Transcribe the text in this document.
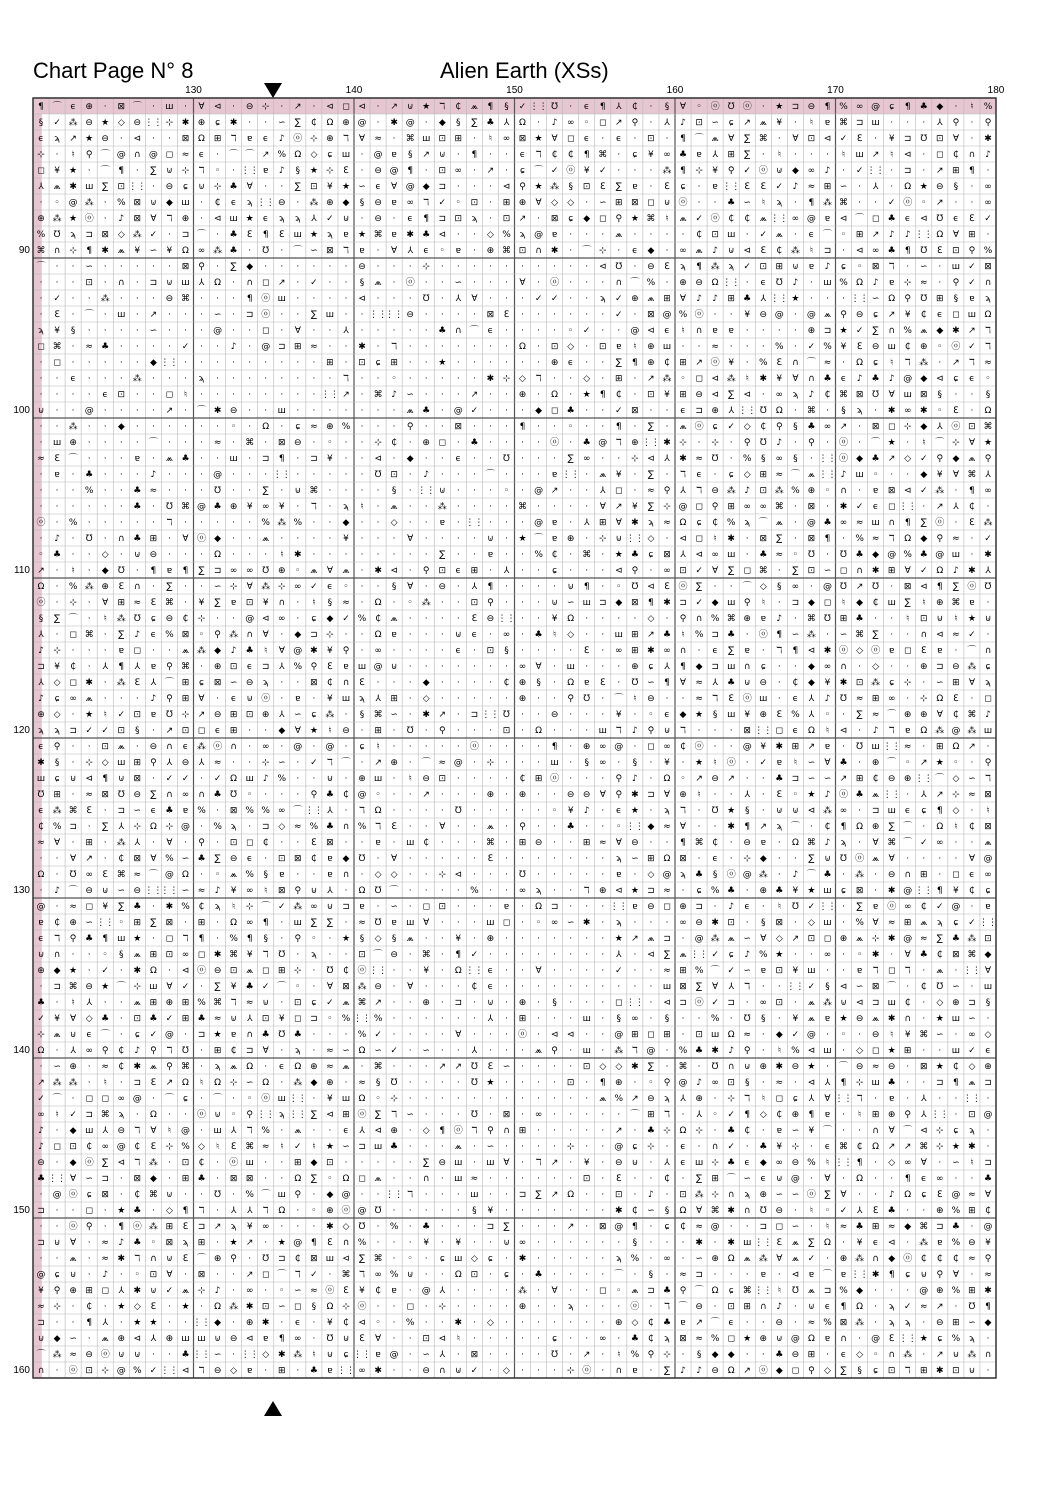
Chart Page N° 8	Alien Earth (XSs)
130	140	150	160	170	180
90
100
110
120
130
140
150
160
¶ ⌒ ϵ ⊕ · ⊠ ⌒ · ш · ∀ ⊲ · ⊖ ⊹ · ↗ · ⊲ ◻ ⊲ · ↗ ⊍ ★ ℸ ₵ ⩕ ¶ § ✓ ⋮⋮ ℧ · ϵ ¶ ⅄ ₵ · § ∀ ◦ ⓞ ℧ ⓞ · ★ ⊐ ⊖ ¶ % ∞ @ ɕ ¶ ♣ ◆ · ♮ %
§ ✓ ⁂ ⊖ ★ ◇ ⊖ ⋮⋮ ⊹ ✱ ⊕ ɕ ✱ · · ∽ ∑ ₵ Ω ⊕ @ · ✱ @ · ◆ § ∑ ♣ ⅄ Ω · ♪ ∞ ◦ ◻ ↗ ⚲ · ⅄ ♪ ⊡ ∽ ɕ ↗ ⩕ ¥ · ♮ ɐ ⌘ ⊐ ш · · · ⅄ ⚲ · ⚲
ϵ ϡ ↗ ★ ⊖ · ⊲ · · ⊠ Ω ⊞ ℸ ɐ ϵ ♪ ⓞ ⊹ ⊕ ℸ ∀ ≈ · ⌘ ш ⊡ ⊞ · ♮ ∞ ⊠ ★ ∀ ◻ ϵ · ϵ · ⊡ · ¶ ⌒ ⩕ ∀ ∑ ⌘ · ∀ ⊡ ⊲ ✓ ℇ · ¥ ⊐ ℧ ⊡ ∀ · ✱
⊹ · ♮ ⚲ ⌒ @ ∩ @ ◻ ≈ ϵ · ⌒ ⌒ ↗ % Ω ◇ ɕ ш · @ ɐ § ↗ ⊍ · ¶ · · ϵ ℸ ₵ ₵ ¶ ⌘ · ɕ ¥ ∞ ♣ ɐ ⅄ ⊞ ∑ · ♮ · · · ♮ ш ↗ ♮ ⊲ · ◻ ₵ ∩ ♪
◻ ¥ ★ · ⌒ ¶ · ∑ ⊍ ⊹ ℸ ◦ · ⋮⋮ ɐ ♪ § ★ ⊹ ℇ · ⊖ @ ¶ · ⊡ ∞ · ↗ · ɕ ⌒ ✓ ⓞ ¥ ✓ · · · ⁂ ¶ ⊹ ¥ ⚲ ✓ ⓞ ⊍ ◆ ∞ ♪ · ✓ ⋮⋮ · ⊐ · ↗ ⊞ ¶ ·
⅄ ⩕ ✱ ш ∑ ⊡ ⋮⋮ · ⊖ ɕ ⊍ ⊹ ♣ ∀ · · ∑ ⊡ ¥ ★ ∽ ϵ ∀ @ ◆ ⊐ · · · ⊲ ⚲ ★ ⁂ § ⊡ ℇ ∑ ɐ · ℇ ɕ · ɐ ⋮⋮ ℇ ℇ ✓ ♪ ≈ ⊞ ∽ · ⅄ · Ω ★ ⊖ § · ∞
· ◦ @ ⁂ · % ⊠ ⊍ ◆ ш · ₵ ϵ ϡ ⋮⋮ ⊖ · ⁂ ⊕ ◆ § ⊖ ɐ ∞ ℸ ✓ ◦ ⊡ · ⊞ ⊕ ∀ ◇ ◇ · ∽ ⊞ ⊠ ◻ ⊍ ⓞ · · ♣ ∽ ♮ ϡ · ¶ ⁂ ⌘ · · ✓ ⓞ ◦ ↗ · · ∞
⊕ ⁂ ★ ⓞ · ♪ ⊠ ∀ ℸ ⊕ · ⊲ ш ★ ϵ ϡ ϡ ⅄ ✓ ⊍ · ⊖ · ϵ ¶ ⊐ ⊡ ϡ · ⊡ ↗ · ⊠ ɕ ◆ ◻ ⚲ ★ ⌘ ♮ ⩕ ✓ ⓞ ₵ ₵ ⩕ ⋮⋮ ∞ @ ɐ ⊲ ⌒ ◻ ♣ ϵ ⊲ ℧ ϵ ℇ ✓
% ℧ ϡ ⊐ ⊠ ◇ ⁂ ✓ · ⊐ ⌒ · ♣ ℇ ¶ ℇ ш ★ ϡ ɐ ★ ⌘ ɐ ✱ ♣ ⊲ · · ◇ % ϡ @ ɐ · · · ⩕ · · · · ₵ ⊡ ш · ✓ ⩕ · ϵ ⌒ ◦ ⊞ ↗ ♪ ♪ ⋮⋮ Ω ∀ ⊞ ·
⌘ ∩ ⊹ ¶ ✱ ⩕ ¥ ∽ ¥ Ω ∞ ⁂ ♣ · ℧ · ⌒ ∽ ⊠ ℸ ɐ · ∀ ⅄ ϵ ◦ ɐ · ⊕ ⌘ ⊡ ∩ ✱ · ⌒ ⊹ · ϵ ◆ · ∞ ⩕ ♪ ⊍ ⊲ ℇ ₵ ⁂ ♮ ⊐ · ⊲ ∞ ♣ ¶ ℧ ℇ ⊡ ⚲ %
⌒ · · ∽ · · · · · ⊠ ⚲ · ∑ ◆ · · · · · · ⊖ · · · ⊹ · · · · · · · · · · ⊲ ℧ · ⊖ ℇ ϡ ¶ ⁂ ϡ ✓ ⊡ ⊞ ⊍ ɐ ♪ ɕ ◦ ⊠ ℸ · ∽ · ш ✓ ⊠
· · · ⊡ · ∩ · ⊐ ⊍ ш ⅄ Ω · ∩ ◻ ↗ · ✓ · · § ⩕ · ⓞ · · ∽ · · · ∀ · ⓞ · · · ∩ ⌒ % · ⊕ ⊖ Ω ⋮⋮ · ϵ ℧ ♪ · ш % Ω ♪ ɐ ⊹ ≈ · ⚲ ✓ ∩
· ✓ · · ⁂ · · · ⊖ ⌘ · · · ¶ ⓞ ш · · · · ⊲ · · · ℧ · ⅄ ∀ · · · ✓ ✓ · · ϡ ✓ ⊕ ⩕ ⊞ ∀ ♪ ♪ ⊞ ♣ ⅄ ⋮⋮ ★ · · · ⋮⋮ ∽ Ω ⚲ ℧ ⊞ § ɐ ϡ
· ℇ · ⌒ · ш · ↗ · · · ∽ · ⊐ ⓞ · · ∑ ш · · ⋮⋮
⋮⋮ ⊖ · · · · ⊠ ℇ · · · · · · ✓ · ⊠ @ % ⓞ · · ¥ ⊖ @ · @ ⩕ ⚲ ⊖ ɕ ↗ ¥ ₵ ϵ ◻ ш Ω
ϡ ¥ § · · · · ∽ · · · @ · · ◻ · ∀ · · ⅄ · · · · · ♣ ∩ ⌒ ϵ · · · · ◦ ✓ · · @ ⊲ ϵ ♮ ∩ ɐ ɐ · · · · ⊕ ⊐ ★ ✓ ∑ ∩ % ⩕ ◆ ✱ ↗ ℸ
◻ ⌘ · ≈ ♣ · · · · ✓ · · ♪ · @ ⊐ ⊞ ≈ · · ✱ · ℸ · · · · · · · Ω · ⊡ ◇ · ⊡ ɐ ♮ ⊕ ш · · ≈ · · · % · ✓ % ¥ ℇ ⊖ ш ₵ ⊕ ◦ ⓞ ✓ ℸ
· ◻ · · · · · ◆ ⋮⋮ · · · · · · · · · ⊞ · ⊡ ɕ ⊞ · · ★ · · · · · · ⊕ ϵ · · ∑ ¶ ⊕ ₵ ⊞ ↗ ⓞ ¥ · % ℇ ∩ ⌒ ≈ · Ω ɕ ♮ ℸ ⁂ · ↗ ℸ ≈
· · ϵ · · · ⁂ · · · ϡ · · · · · · · · ℸ · · ◦ · · · · · ✱ ⊹ ◇ ℸ · · ◇ · ⊞ · ↗ ⁂ ◦ ◻ ⊲ ⁂ ♮ ✱ ¥ ∀ ∩ ♣ ϵ ♪ ♣ ♪ @ ◆ ⊲ ɕ ϵ ◦
· · · · ϵ ⊡ · · ◻ ♮ · · · · · · · · ⋮⋮ ↗ · ⌘ ♪ ∽ · · · ↗ · · ⊕ · Ω · ★ ¶ ₵ · ⊡ ¥ ⊞ ⊖ ⊲ ∑ ⊲ · ∞ ϡ ♪ ₵ ⌘ ⊠ ℧ ∀ ш ⊠ § · · §
⊍ · · @ · · · · ↗ · ⌒ ✱ ⊖ · · ш · · · · · · · ⩕ ♣ · @ ✓ · · · ◆ ◻ ♣ · · ✓ ⊠ · · ϵ ⊐ ⊕ ⅄ ⋮⋮ ℧ Ω · ⌘ · § ϡ · ✱ ∞ ✱ ◦ ℇ · Ω
· · ⁂ · · ◆ · · · · · · ◦ · Ω · ɕ ≈ ⊕ % · · · ⚲ · · ⊠ · · · ¶ · · ◦ · · ¶ · ∑ · ⩕ ⓞ ɕ ✓ ◇ ₵ ⚲ § ♣ ∞ ↗ · ⊠ ◻ ⊹ ◆ ⅄ ⓞ ⊡ ⌘
· ш ⊕ · · · · ⌒ · · · ≈ · ⌘ · ⊠ ⊖ · ◦ · · ⊹ ₵ · ⊕ ◻ · ♣ · · · · ⓞ · ♣ @ ℸ ⊕ ⋮⋮ ✱ ⊹ · ⊹ · ⚲ ℧ ♪ · ⚲ · ⓞ · ⌒ ★ · ♮ ⌒ ⊹ ∀ ★
≈ ℇ ⌒ · · · ɐ · ⩕ ♣ · · ш · ⊐ ¶ · ⊐ ¥ · · ⊲ · ◆ · · ϵ · · ℧ · · · ∑ ∞ · · ⊹ ⊲ ⅄ ✱ ≈ ℧ · % § ∞ § · ⋮⋮ ⓞ ◆ ♣ ↗ ◇ ✓ ⚲ ◆ ⩕ ⚲
· ɐ · ♣ · · · ♪ · · · @ · · · ⋮⋮ · · · · · ℧ ⊡ · ♪ · · · ⌒ · · · ɐ ⋮⋮ · ⩕ ¥ · ∑ · ℸ ϵ · ɕ ◇ ⊞ ≈ ⌒ ⩕ ⋮⋮ ♪ ш ◦ · · ◆ ¥ ∀ ⌘ ⅄
· · · % · · ♣ ≈ · · · ℧ · · ∑ · ⊍ ⌘ · · · · § · ⋮⋮ ⊍ · · · ◦ · @ ↗ · · ⅄ ◻ · ≈ ⚲ ⅄ ℸ ⊖ ⁂ ♪ ⊡ ⁂ % ⊕ ◦ ∩ · ɐ ⊠ ⊲ ✓ ⁂ · ¶ ∞
· · · · · · ♣ · ℧ ⌘ @ ♣ ⊕ ¥ ∞ ¥ · ℸ · ϡ ♮ · ⩕ · · ⁂ · · · · ⌘ · · · · ∀ ↗ ¥ ∑ ⊹ @ ◻ ⚲ ⊞ ∞ ∞ ⌘ · ⊠ · ✱ ✓ ϵ ◻ ⋮⋮ · ↗ ⅄ ₵ ·
ⓞ · % · · · · · ℸ · · · · · % ⁂ % · · ◆ · · ◇ · · ɐ · ⋮⋮ · · · @ ɐ · ⅄ ⊞ ∀ ✱ ϡ ≈ Ω ɕ ₵ % ϡ ⌒ ⩕ · @ ♣ ∞ ≈ ш ∩ ¶ ∑ ⓞ · ℇ ⁂
· ♪ · ℧ · ∩ ♣ ⊞ · ∀ ⓞ ◆ · · ⩕ · · · · ¥ · · · ∀ · · · · ⊍ · ★ ⌒ ɐ ⊕ · ⊹ ⊍ ⋮⋮ ◇ · ⊲ ◻ ♮ ✱ · ⊠ ∑ · ⊠ ¶ · % ≈ ℸ Ω ◆ ⚲ ≈ · ✓
◦ ♣ · · ◇ · ⊍ ⊖ · · · Ω · · · ♮ ✱ · · · · · · · · ∑ · · ɐ · · % ₵ · ⌘ · ★ ♣ ɕ ⊠ ⅄ ⊲ ∞ ш · ♣ ≈ ◦ ℧ · ℧ ♣ ◆ @ % ♣ @ ш · ✱
↗ · ♮ · ◆ ℧ · ¶ ɐ ¶ ∑ ⊐ ∞ ∞ ℧ ⊕ ◦ ⩕ ∀ ⩕ · ✱ ⊲ · ⚲ ⊡ ϵ ⊞ · ⅄ · · ɕ · · · ⊲ ⚲ · ∞ ⊡ ✓ ∀ ∑ ◻ ⌘ · ∑ ⊡ ∽ ◻ ∩ ✱ ⊞ ∀ ✓ Ω ♪ ✱ ⅄
Ω · % ⁂ ⊕ ℇ ∩ · ∑ · · ∽ ⊹ ∀ ⁂ ⊹ ∞ ✓ ϵ ◦ · · § ∀ · ⊖ · ⅄ ¶ · · · · ⊍ ¶ · ◦ ℧ ⊲ ℇ ⓞ ∑ · · ⌒ ◇ § ∞ · @ ℧ ↗ ℧ · ⊠ ⊲ ¶ ∑ ⓞ ℧
ⓞ · ⊹ · ∀ ⊞ ≈ ℇ ⌘ · ¥ ∑ ɐ ⊡ ¥ ∩ · ♮ § ≈ · Ω · ◦ ⁂ · · ⊡ ⚲ · · · ⊍ ∽ ш ⊐ ◆ ⊠ ¶ ✱ ⊐ ✓ ◆ ш ⚲ ♮ · ⊐ ◆ ◻ ♮ ◆ ₵ ш ∑ ♮ ⊕ ⌘ ɐ ·
§ ∑ ⌒ · ♮ ⁂ ℧ ɕ ⊖ ₵ ⊹ · · @ ⊲ ∞ · ɕ ◆ ✓ % ₵ ⩕ · · · · ℇ ⊖ ⋮⋮ · · ¥ Ω · · · · ◇ · ⚲ ∩ % ⌘ ⊕ ɐ ♪ · ⌘ ℧ ⊞ ♣ · · ♮ ⊡ ⊍ ♮ ★ ⊍
⅄ · ◻ ⌘ · ∑ ♪ ϵ % ⊠ ◦ ⚲ ⁂ ∩ ∀ · ◆ ⊐ ⊹ · · Ω ɐ · · · ⊍ ϵ · ∞ · ♣ ♮ ◇ · · ш ⊞ ↗ ♣ ♮ % ⊐ ♣ · ⓞ ¶ ∽ ⁂ · ∽ ⌘ ∑ · · ∩ ⊲ ≈ ✓ ·
♪ ⊹ · · · ɐ ◻ · · ⩕ ⁂ ◆ ♪ ♣ ♮ ∀ @ ✱ ¥ ⚲ · ∞ · · · · ϵ · ⊡ § · · · · ℇ · ∞ ⊞ ✱ ∞ ∩ · ϵ ∑ ɐ · ℸ ¶ ⊲ ✱ ⓞ ◇ ⓞ ɐ ◻ ℇ ɐ · ⌒ ∩
⊐ ¥ ₵ · ⅄ ¶ ⅄ ɐ ⚲ ⌘ · ⊕ ⊡ ϵ ⊐ ⅄ % ⚲ ℇ ɐ ш @ ⊍ · · · · · · · ∞ ∀ · ш · · · ⊕ ɕ ⅄ ¶ ◆ ⊐ ш ∩ ɕ · · ◆ ∞ ∩ · ◇ · · ⊕ ⊐ ⊖ ⁂ ɕ
⅄ ◇ ◻ ✱ · ⁂ ℇ ⅄ ⌒ ⊞ ɕ ⊠ ∽ ⊖ ϡ · · ⊠ ₵ ∩ ℇ · · · ◆ · · · · ₵ ⊕ § · Ω ɐ ℇ · ℧ ∽ ¶ ∀ ≈ ⅄ ♣ ⊍ ⊖ · ₵ ◆ ¥ ✱ ⊡ ⁂ ɕ ⊹ · ∽ ⊞ ∀ ϡ
♪ ɕ ∞ ⩕ · · · ♪ ⚲ ⊞ ∀ · ϵ ⊍ ⓞ · ɐ · ¥ ш ϡ ⅄ ⊞ · ◇ · · · · · ⊕ · · ⚲ ℧ · ⌒ ♮ ⊖ · · ≈ ℸ ℇ ⓞ ш · ϵ ⅄ ♪ ℧ ≈ ⊞ ∞ · ⊹ Ω ℇ · ◻
⊕ ◇ · ★ ♮ ✓ ⊡ ɐ ℧ ⊹ ↗ ⊖ ⊞ ⊡ ⊕ ⅄ ∽ ɕ ⁂ · § ⌘ ∽ · ✱ ↗ · ⊐ ⋮⋮ ℧ · · ⊖ · · · ¥ · ◦ ϵ ◆ ★ § ш ¥ ⊕ ℇ % ⅄ ◦ · ∑ ≈ ⌒ ⊕ ⊕ ∀ ₵ ⌘ ♪
ϡ ϡ ⊐ ✓ ✓ ⊡ § · ↗ ⊡ ◻ ϵ ⊞ · · ◆ ∀ ★ ♮ ⊖ · ⊞ · ℧ · ⚲ · · · ⊡ · Ω · · · ш ℸ ♪ ⚲ ⊍ ℸ · · · ⊠ ⋮⋮ ◻ ϵ Ω ♮ ⊲ · ♪ ℸ ɐ Ω ⁂ @ ⁂ ш
ϵ ⚲ · · ⊡ ⩕ · ⊖ ∩ ϵ ⁂ ⓞ ∩ · ∞ · @ · @ · ɕ ♮ · · · · · ⓞ · · · · ¶ · ⊕ ∞ @ · ◻ ∞ ₵ ⓞ · · @ ¥ ✱ ⊞ ↗ ɐ · ℧ ш ⋮⋮ ≈ · ⊞ Ω ↗ ·
✱ § · ⊹ ◇ ш ⊞ ⚲ ⅄ ⊖ ⅄ ≈ · · ⊹ ∽ · ✓ ℸ ⌒ · ↗ ⊕ · ⌒ ≈ @ · ⊹ · · · ш · § ∞ · § · ¥ · ★ ♮ ⓞ · ✓ ɐ ♮ ∽ ∀ ♣ · ⊕ ⌒ ◦ ↗ ★ ◦ · ⚲
ш ɕ ⊍ ⊲ ¶ ⊍ ⊠ · ✓ ✓ · ✓ Ω ш ♪ % · · ⊍ · ⊕ ш · ♮ ⊖ ⊡ · · · · ₵ ⊞ ⓞ · · · ⚲ ♪ · Ω ◦ ↗ ⊖ ↗ · · ♣ ⊐ ∽ ∽ ↗ ⊞ ₵ ⊖ ⊕ ⋮⋮ ⌒ ◇ ∽ ℸ
℧ ⊞ · ≈ ⊠ ℧ ⊖ ∑ ∩ ∞ ∩ ♣ ℧ ◦ · · · ⚲ ♣ ₵ @ ◦ · · ↗ · · · ⊕ · ⊕ · · ⊖ ⊖ ∀ ⚲ ✱ ⊐ ∀ ⊕ ♮ · · ⅄ · ℇ ◦ ★ ♪ ⓞ ♣ ⩕ ⋮⋮ · ⅄ ↗ ⊹ ≈ ⊠
ϵ ⁂ ⌘ ℇ · ⊐ ∽ ϵ ♣ ɐ % · ⊠ % % ∞ ⌒ ⋮⋮ ⅄ · ℸ Ω · · · · ℧ · · · · · ◦ ¥ ♪ · ϵ ★ · ϡ ℸ · ℧ ★ § · ⊍ ⊍ ⊲ ⁂ ∞ · ⊐ ш ϵ ɕ ¶ ◇ · ♮
₵ % ⊐ · ∑ ⅄ ⊹ Ω ⊹ @ · % ϡ · ⊐ ◇ ≈ % ♣ ∩ % ℸ ℇ · · ∀ · · ⩕ · ⚲ · · ♣ · · ◦ ⋮⋮ ◆ ≈ ∀ · · ✱ ¶ ↗ ϡ ⌒ · ₵ ¶ Ω ⊕ ∑ ⌒ · Ω ♮ ₵ ⊠
≈ ∀ · ⊞ · ⁂ ⅄ · ∀ · ⚲ · ⊡ ◻ ₵ · · ℇ ⊠ · · ɐ · ш ₵ · · · ⌘ · ⊞ ⊖ · · ⊞ ≈ ∀ ⊖ · · ¶ ⌘ ₵ · ⊖ ɐ · Ω ⌘ ♪ ϡ · ∀ ⌘ ⌒ ✓ ∞ · · ⩕
· · ∀ ↗ · ₵ ⊠ ∀ % ∽ ♣ ∑ ⊖ ϵ · ⊡ ⊠ ₵ ɐ ◆ ℧ · ∀ · · · · · ℇ · · · · · · · ϡ ∽ ⊞ Ω ⊠ · ϵ · ⊹ ◆ · · ∑ ⊍ ℧ ⓞ ⩕ ∀ · · · · ∀ @
Ω · ℧ ∞ ℇ ⌘ ≈ ⌒ @ Ω · ◦ ⩕ % § ɐ · · ɐ ∩ · ◇ ◇ · · ⊹ ⊲ · · · ℧ · · · · · ɐ · ◇ @ ϡ ♣ § ⓞ @ ⁂ · ♪ ⌒ ♣ · ⁂ · ⊖ ∩ ⊞ · ◻ ϵ ∞
· ♪ ⌒ ⊖ ⊍ ∽ ⊖ ⋮⋮
⋮⋮ ∽ ≈ ♪ ¥ ∞ ♮ ⊠ ⚲ ⊍ ⅄ · Ω ℧ ⌒ · · · · % · · ∞ ϡ · · ℸ ⊕ ⊲ ★ ⊐ ≈ · ɕ % ♣ · ⊕ ♣ ¥ ★ ш ɕ ⊠ · ✱ @ ⋮⋮ ¶ ¥ ₵ ɕ
@ · ≈ ◻ ¥ ∑ ♣ · ✱ % ₵ ϡ ♮ ⊹ ⌒ ✓ ⁂ ∞ ⊍ ⊐ ɐ · ∽ · ◻ ⊡ · · · ɐ · Ω ⊐ · · · ⋮⋮ ɐ ⊖ ◻ ⊕ ⊐ · ♪ ϵ · ♮ ℧ ✓ ⋮⋮ · ∑ ɐ ⓞ ∞ ₵ ✓ @ · ɐ
ɐ ₵ ⊕ ∽ ⋮⋮ ◦ ⊞ ∑ ⊠ · ⊞ · Ω ∞ ¶ · ш ∑ ∑ · ≈ ℧ ɐ ш ∀ · · · ш ◻ · ◦ ∞ ∽ ✱ · ϡ · · · ∞ ⊖ ✱ ⊡ · § ⊠ · ◇ ш · % ∀ ≈ ⊞ ⩕ ϡ ɕ ✓ ⋮⋮
ϵ ℸ ⚲ ♣ ¶ ш ★ · ◻ ℸ ¶ · % ¶ § · ⚲ ◦ · ★ § ◇ § ⩕ · · ¥ · ⊕ · · · · · · · ★ ↗ ⩕ ⊐ · @ ⁂ ⩕ ∽ ∀ ◇ ↗ ⊡ ◻ ⊕ ⩕ ⊹ ✱ @ ≈ ∑ ♣ ⁂ ⊡
⊍ ∩ · · ◦ § ⩕ ⊞ ⊡ ∞ ◻ ✱ ⌘ ¥ ℸ ℧ · ϡ · · ⊡ ⌒ ⊖ · ⌘ · ¶ ✓ · · · · · · · · ⅄ · ⊲ ∑ ⩕ ⋮⋮ ✓ ɕ ♪ % ★ · · ∞ · ◦ ✱ · ∀ ♣ ₵ ⊠ ⌘ ◆
⊕ ◆ ★ · ✓ · ✱ Ω · ⊲ ⓞ ⊖ ⊡ ⩕ ◻ ⊞ ⊹ · ℧ ₵ ⓞ ⋮⋮ · · ¥ · Ω ⋮⋮ ϵ · · ∀ · · · · ✓ · · ≈ ⊞ % ⌒ ✓ ∽ ɐ ⊡ ¥ ш · · ɐ ℸ ◻ ℸ · ⩕ · ⋮⋮ ∀
· ⊐ ⌘ ⊖ ★ ⌒ ⊹ ш ∀ ✓ · ∑ ¥ ♣ ✓ ⌒ ◦ · ∀ ⊠ ⁂ ⊖ · ∀ · · · ₵ ϵ · · · · · · · · · · ш ⊠ ∑ ∀ ⅄ ℸ · · ⋮⋮ ✓ § ⊲ ∽ ⊠ ⌒ · ₵ ℧ ∽ · ш
♣ · ♮ ⅄ · · ⩕ ⊞ ⊕ ⊞ % ⌘ ℸ ≈ ⊍ · ⊡ ɕ ✓ ⩕ ⌘ ↗ · · ⊕ · ⊐ · ⊍ · ⊕ · § · · · ◻ ⋮⋮ · ⊲ ⊐ ⓞ ✓ ⊐ · ∞ ⊡ · ⩕ ⁂ ⊍ ⊲ ⊐ ш ₵ · ◇ ⊕ ⊐ §
✓ ¥ ∀ ◇ ♣ · ⊡ ♣ ✓ ⊞ ♣ ≈ ⊍ ⅄ ⊡ ¥ ◻ ⊐ ◦ % ⋮⋮ % · · · · · · ⅄ · ⊞ · · · ш · § ∞ · § · · % · ℧ § · ¥ ⩕ ɐ ★ ⊖ ⩕ ✱ ∩ · ★ ш ∽ ·
⊹ ⩕ ⊍ ϵ ⌒ · ɕ ✓ @ · ⊐ ★ ɐ ∩ ♣ ℧ ♣ · · · % ✓ · · · · ∀ · · · ⓞ · ⊲ ⊲ · · @ ⊞ ◻ ⊞ · ⊡ ш Ω ≈ · ◆ ✓ @ · ◦ · ⊖ ♮ ¥ ⌘ ∽ · ∞ ◇
Ω · ⅄ ∞ ⚲ ₵ ♪ ⚲ ℸ ℧ · ⊞ ₵ ⊐ ∀ · ϡ · ≈ ∽ Ω ∽ ✓ · ∽ · · ⅄ · · · ⩕ ⚲ · ш · ⁂ ℸ @ · % ♣ ✱ ♪ ⚲ · ♮ % ⊲ ш · ◇ ◻ ★ ⊞ · · ш ✓ ϵ
· ∽ ⊕ · ≈ ₵ ✱ ⩕ ⚲ ⌘ · ϡ ⩕ Ω · ϵ Ω ⊕ ≈ ⩕ · ⌘ · · · ↗ ↗ ℧ ℇ ∽ · · · · ⊡ ◇ ◇ ✱ ∑ · ⌘ · ℧ ∩ ⊍ ⊕ ✱ ⊖ ★ · ⌒ ⊖ ≈ ⊖ · ⊠ ★ ₵ ◇ ⊕
↗ ⁂ ⁂ · ♮ · ⊐ ℇ ↗ Ω ♮ Ω ⊹ ∽ Ω · ⁂ ◆ ⊕ · ≈ § ℧ · · · · ℧ ★ · · · · ⊡ · ¶ ⊕ · ◦ ⚲ @ ♪ ∞ ⊡ § · ≈ · ⊲ ⅄ ¶ ⊹ ш ♣ · · ⊐ ¶ ⩕ ⊐
✓ ⌒ · ◻ ◻ ∞ @ · ⌒ ɕ · ⌒ · ◦ ⓞ ш ⋮⋮ · ¥ ш Ω ◦ ⊹ · · · · · · · · · · · · ⩕ % ↗ ⊖ ϡ ⅄ ⊕ · ⊹ ℸ ♮ ◻ ɕ ⅄ ∀ ⋮⋮ ℸ · ɐ · ⅄ · · ⋮⋮ ·
∞ ♮ ✓ ⊐ ⌘ ϡ · Ω · · ⓞ ⊍ ◦ ⚲ ⋮⋮ ϡ ⋮⋮ ∑ ⊲ ⊞ ⓞ ∑ ℸ ∽ · · · ℧ · ⊠ · ∞ · · · · · ⌒ ⊞ ℸ · ⅄ ◦ ✓ ¶ ◇ ₵ ⊕ ¶ ɐ · ♮ ⊞ ⊕ ⚲ ⅄ ⋮⋮ · ⊡ @
♪ · ◆ ш ⅄ ⊖ ℸ ∀ ♮ @ · ш ⅄ ℸ % · ⩕ · · ϵ ⅄ ⊲ ⊕ · ◇ ¶ ⓞ ℸ ⚲ ∩ ⊞ · · · · · ↗ · ♣ ⊹ Ω ⊹ · ♣ ₵ · ɐ ∽ ¥ ⌒ · · ∩ ∀ ⌒ ⊲ ⊹ ɕ ϡ ·
♪ ◻ ⊡ ₵ ∞ @ ₵ ℇ ⊹ % ◇ ♮ ℇ ⌘ ≈ ♮ ✓ ♮ ★ ∽ ⊐ ш ♣ · · · ⩕ · ∽ · · · · ⊹ · · @ ɕ ⊹ · ϵ · ∩ ✓ · ♣ ¥ ⊹ · ϵ ⌘ ₵ Ω ↗ ↗ ⌘ ⊹ ★ ✱ ·
⊖ · ◆ ⓞ ∑ ⊲ ℸ ⁂ · ⊡ ₵ · ⓞ ш · · ⊞ ◆ ⊡ · · · · · ∑ ⊖ ш · ш ∀ · ℸ ↗ · ¥ · ⊖ ⊍ · ⅄ ϵ ш ⊹ ♣ ϵ ◆ ∞ ⊖ % ♮ ⋮⋮ ¶ · ◇ ∞ ∀ · ∽ ♮ ⊐
♣ ⋮⋮ ∀ ∽ ⊐ · ⊠ ◆ · ⊞ ♣ · ⊠ ⊠ · · Ω ∑ ◦ Ω ◻ ⩕ · · ∩ · ш ≈ · · · · · · ⊡ · ℇ · · ₵ · ∑ ⊞ ⌒ ∽ ϵ ⊍ @ · ∀ · Ω · · ¶ ϵ ∞ · · ♣
· @ ⓞ ɕ ⊠ · ₵ ⌘ ⊍ · · ℧ · % ⌒ ш ⚲ · ◆ @ · · ⋮⋮ ℸ · · · ш · · ⊐ ∑ ↗ Ω · · ⊡ · ♪ · ⊡ ⁂ ⊹ ∩ ϡ ⊕ ∽ ∽ ⓞ ∑ ∀ · · ♪ Ω ɕ ℇ @ ≈ ∀
⊐ · · ◻ · ★ ♣ · ◇ ¶ ℸ · ⅄ ⅄ ℸ Ω · ◦ ⊕ ⓞ @ ℧ · · · · · § ¥ · · · · · · · ✱ ₵ ∽ § Ω ∀ ⌘ ✱ ∩ ℧ ⊖ · ♮ ◦ ✓ ⅄ ℇ ♣ · · ⊕ % ⊞ ₵
· · ⓞ ⚲ · ¶ ⓞ ⁂ ⊞ ℇ ⊐ ↗ ϡ ¥ ∞ · · · ✱ ◇ ℧ · % · ♣ · · · ⊐ ∑ · · · ↗ · ⊠ @ ¶ · ɕ ₵ ≈ @ · · ⊐ ◻ ∽ · ♮ ≈ ♣ ⊞ ≈ ◆ ⌘ ⊐ ♣ · @
⊐ ⊍ ∀ · ≈ ♪ ♣ ◦ ⊠ ϡ ⊞ · ★ ↗ · ★ @ ¶ ℇ ∩ % · · · ¥ · ¥ · · ⊍ ∞ · · · · · · § · · · ✱ · ✱ ш ⋮⋮ ℇ ⩕ ∑ Ω · ¥ ϵ ⊲ · ⁂ ɐ % ⊖ ¥
· · ⩕ · ≈ ✱ ℸ ∩ ⊍ ℇ ⌒ ⊕ ⚲ · ℧ ⊐ ₵ ⊠ ш ⊲ ∑ ⌘ · ◦ · ɕ ш ◇ ɕ · ✱ · · · · · ϡ % · ∞ · ∽ ⊕ Ω ⩕ ⁂ ∀ ⩕ ✓ · ⊕ ⁂ ∩ ◆ ⓞ ₵ ₵ ₵ ≈ ⚲
@ ɕ ⊍ · ♪ · ◦ ⊡ ∀ · ⊠ · · ↗ ◻ ⌒ ℸ ✓ · ⌘ ℸ ∞ % ⊍ · · Ω ⊡ · ɕ · ♣ · · · · ⌒ · § · ≈ ⊐ · · · ɐ · ⊲ ɐ ⌒ ɐ ⋮⋮ ✱ ¶ ɕ ⊍ ⚲ ∀ · ≈
¥ ⚲ ⊕ ⊞ ◻ ⅄ ✱ ⊍ ✓ ⩕ ⊹ ♪ · ∞ · ◦ ∽ ≈ ⓞ ℇ ¥ ₵ ɐ · @ ⅄ · · · · ⁂ · ∀ · · ◻ ◦ ⩕ ⊐ ♣ ⚲ ⌒ Ω ɕ ⌘ ⋮⋮ ♮ ℧ ⩕ ⊐ % ◆ · · · @ ⊕ % ⊞ ✱
≈ ⊹ · ₵ · ★ ◇ ℇ · ★ · Ω ⁂ ✱ ⊡ ∽ ◻ § Ω ⊹ ⓞ · · ◻ · ⊹ · · · · ⊕ · · ϡ · · · ⓞ · ℸ ⌒ ⊖ · ⊡ ⊞ ∩ ♪ · ⊍ ϵ ¶ Ω · ϡ ✓ ≈ ↗ · ℧ ¶
⊐ · · ¶ ⅄ · ★ ★ · · ⋮⋮ ◆ · ⊕ ✱ · ϵ · ¥ ₵ ⊲ ◦ · % · · ✱ · ◇ · · · · · · · ⊕ ◇ ₵ ♣ ɐ ↗ ⌒ ϵ · · ⊖ · ≈ % ⊠ ⁂ · ϡ ϡ · ⊖ ⊞ ∽ ◆
⊍ ◆ ∽ · ⩕ ⊕ ⊲ ⅄ ⊕ ш ш ⊍ ⊖ ⊲ ɐ ¶ ∞ · ℧ ⊍ ℇ ∀ · · ⊡ ⊲ ♮ · · · · · ɕ · · ∞ · ♣ ₵ ϡ ⊠ ≈ % ◻ ★ ⊕ ⊍ @ Ω ɐ ∩ · @ ℇ ⋮⋮ ★ ɕ % ϡ ·
⌒ ⁂ ≈ ⊖ ⓞ ⊍ ⊍ · · ♣ ⋮⋮ ∽ · ⋮⋮ ◇ ✱ ⁂ ♮ ⊍ ɕ ⋮⋮ ɐ @ · ∽ ⅄ · ⊠ · · · · ℧ · ↗ · ♮ % ⚲ ⊹ · § ◆ ◆ · · ♣ ⊖ ⊞ · ϵ ◇ ◦ ∩ ⁂ · ↗ ⊍ ⁂ ∩
∩ · ⓞ ⊡ ⊹ @ % ✓ ⋮⋮ ⊲ ℸ ⊖ ◇ ɐ · ⊞ · ♣ ɐ ⋮⋮ ∞ ✱ · · ⊖ ∩ ⊍ ✓ · ◇ · · · ⊹ ⓞ · ∩ ɐ · ∑ ♪ ♪ ⊖ Ω ↗ ⓞ ◆ ◻ ⚲ ◇ ∑ § ɕ ⊡ ℸ ⊞ ✱ ⊡ ⊍ ·
